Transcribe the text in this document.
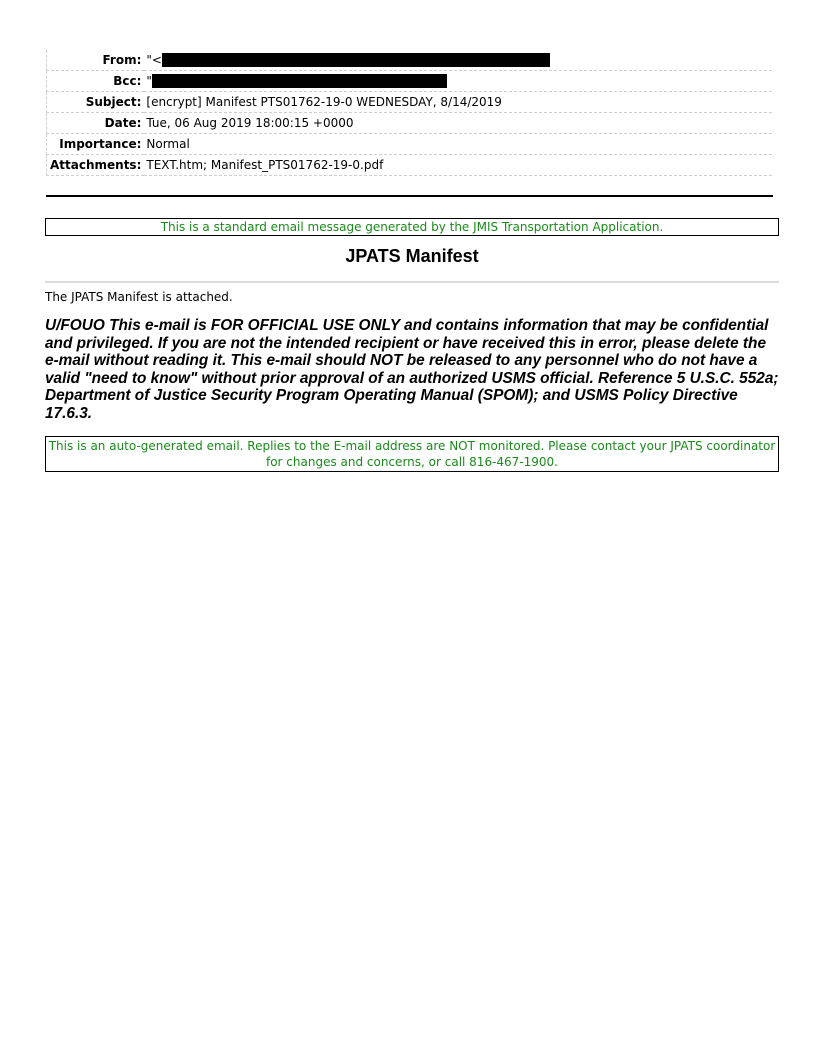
From:	"<
Bcc:	"
Subject:	[encrypt] Manifest PTS01762-19-0 WEDNESDAY, 8/14/2019
Date:	Tue, 06 Aug 2019 18:00:15 +0000
Importance:	Normal
Attachments:	TEXT.htm; Manifest_PTS01762-19-0.pdf
This is a standard email message generated by the JMIS Transportation Application.
JPATS Manifest
The JPATS Manifest is attached.
U/FOUO This e-mail is FOR OFFICIAL USE ONLY and contains information that may be confidential and privileged. If you are not the intended recipient or have received this in error, please delete the e-mail without reading it. This e-mail should NOT be released to any personnel who do not have a valid "need to know" without prior approval of an authorized USMS official. Reference 5 U.S.C. 552a; Department of Justice Security Program Operating Manual (SPOM); and USMS Policy Directive 17.6.3.
This is an auto-generated email. Replies to the E-mail address are NOT monitored. Please contact your JPATS coordinator for changes and concerns, or call 816-467-1900.
